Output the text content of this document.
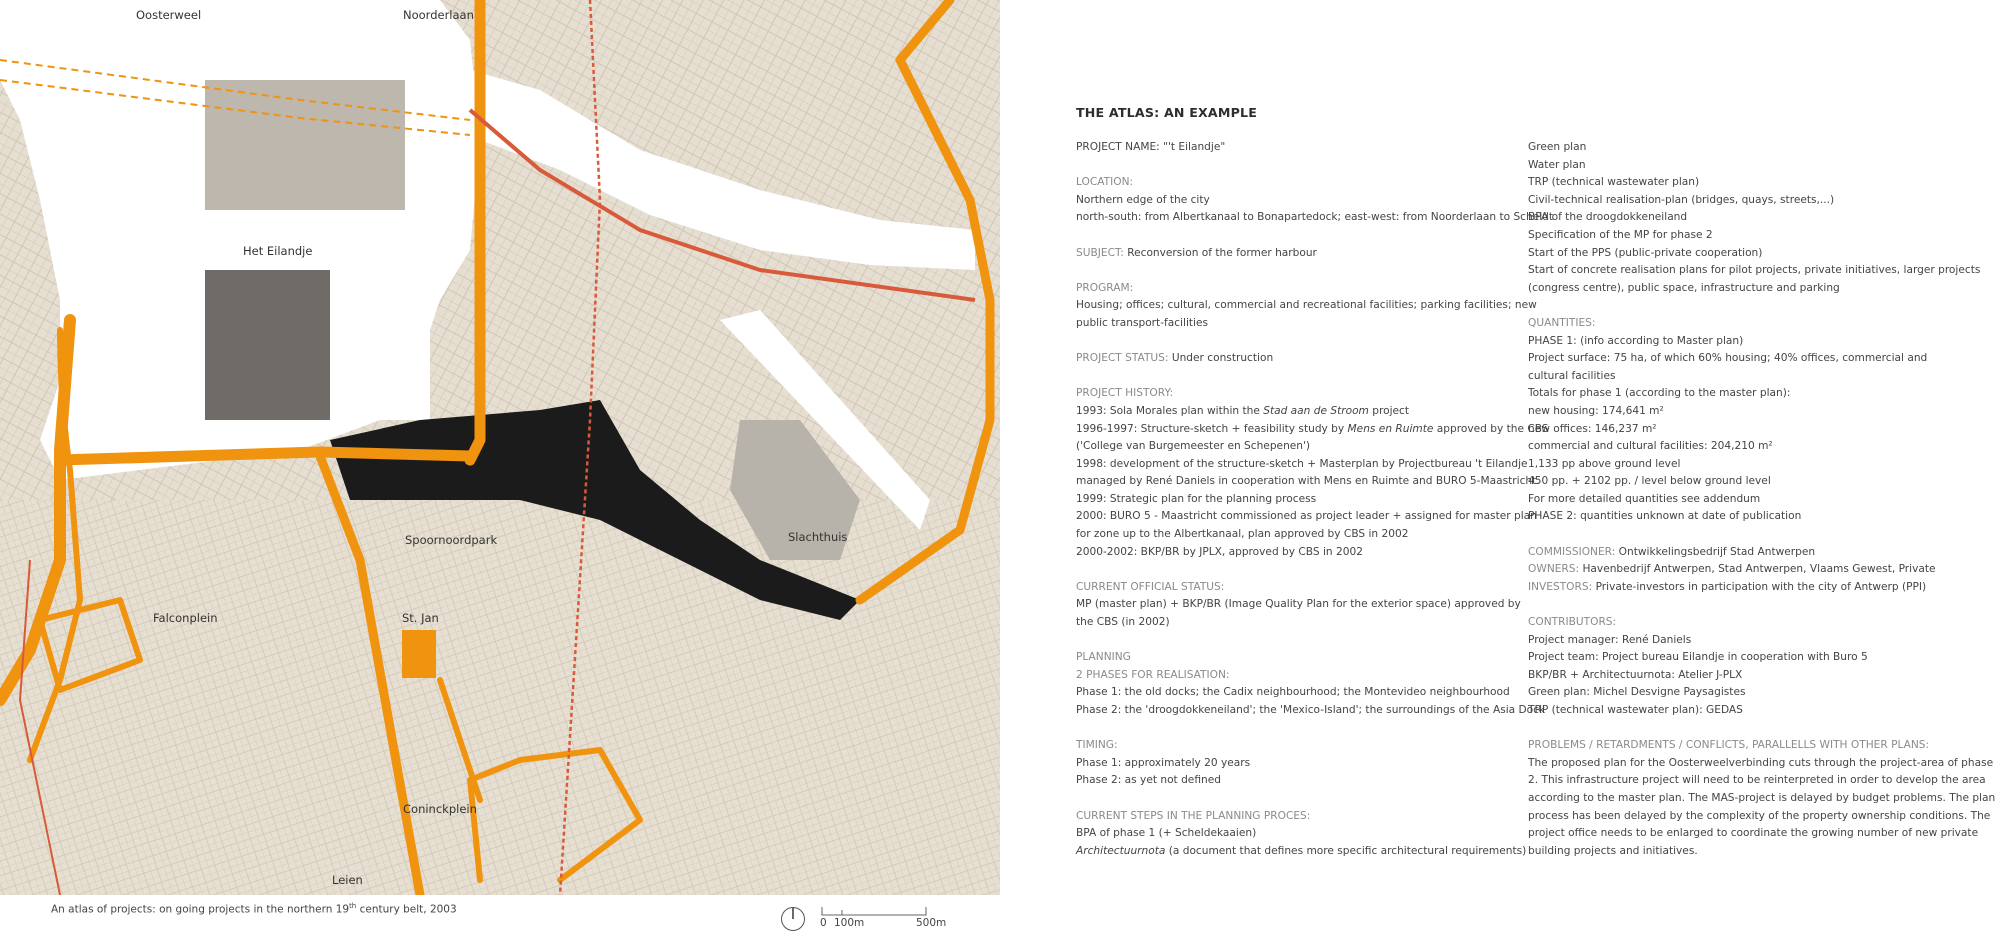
Oosterweel	Noorderlaan
Het Eilandje
Spoornoordpark	Slachthuis
Falconplein	St. Jan
Coninckplein
Leien
An atlas of projects: on going projects in the northern 19th century belt, 2003
0 100m	500m
THE ATLAS: AN EXAMPLE
PROJECT NAME: "'t Eilandje"
LOCATION:
Northern edge of the city
north-south: from Albertkanaal to Bonapartedock; east-west: from Noorderlaan to Scheldt
SUBJECT: Reconversion of the former harbour
PROGRAM:
Housing; offices; cultural, commercial and recreational facilities; parking facilities; new
public transport-facilities
PROJECT STATUS: Under construction
PROJECT HISTORY:
1993: Sola Morales plan within the Stad aan de Stroom project
1996-1997: Structure-sketch + feasibility study by Mens en Ruimte approved by the CBS
('College van Burgemeester en Schepenen')
1998: development of the structure-sketch + Masterplan by Projectbureau 't Eilandje
managed by René Daniels in cooperation with Mens en Ruimte and BURO 5-Maastricht.
1999: Strategic plan for the planning process
2000: BURO 5 - Maastricht commissioned as project leader + assigned for master plan
for zone up to the Albertkanaal, plan approved by CBS in 2002
2000-2002: BKP/BR by JPLX, approved by CBS in 2002
CURRENT OFFICIAL STATUS:
MP (master plan) + BKP/BR (Image Quality Plan for the exterior space) approved by
the CBS (in 2002)
PLANNING
2 PHASES FOR REALISATION:
Phase 1: the old docks; the Cadix neighbourhood; the Montevideo neighbourhood
Phase 2: the 'droogdokkeneiland'; the 'Mexico-Island'; the surroundings of the Asia Dock
TIMING:
Phase 1: approximately 20 years
Phase 2: as yet not defined
CURRENT STEPS IN THE PLANNING PROCES:
BPA of phase 1 (+ Scheldekaaien)
Architectuurnota (a document that defines more specific architectural requirements)
Green plan
Water plan
TRP (technical wastewater plan)
Civil-technical realisation-plan (bridges, quays, streets,...)
BPA of the droogdokkeneiland
Specification of the MP for phase 2
Start of the PPS (public-private cooperation)
Start of concrete realisation plans for pilot projects, private initiatives, larger projects
(congress centre), public space, infrastructure and parking
QUANTITIES:
PHASE 1: (info according to Master plan)
Project surface: 75 ha, of which 60% housing; 40% offices, commercial and
cultural facilities
Totals for phase 1 (according to the master plan):
new housing: 174,641 m²
new offices: 146,237 m²
commercial and cultural facilities: 204,210 m²
1,133 pp above ground level
450 pp. + 2102 pp. / level below ground level
For more detailed quantities see addendum
PHASE 2: quantities unknown at date of publication
COMMISSIONER: Ontwikkelingsbedrijf Stad Antwerpen
OWNERS: Havenbedrijf Antwerpen, Stad Antwerpen, Vlaams Gewest, Private
INVESTORS: Private-investors in participation with the city of Antwerp (PPI)
CONTRIBUTORS:
Project manager: René Daniels
Project team: Project bureau Eilandje in cooperation with Buro 5
BKP/BR + Architectuurnota: Atelier J-PLX
Green plan: Michel Desvigne Paysagistes
TRP (technical wastewater plan): GEDAS
PROBLEMS / RETARDMENTS / CONFLICTS, PARALLELLS WITH OTHER PLANS:
The proposed plan for the Oosterweelverbinding cuts through the project-area of phase
2. This infrastructure project will need to be reinterpreted in order to develop the area
according to the master plan. The MAS-project is delayed by budget problems. The plan
process has been delayed by the complexity of the property ownership conditions. The
project office needs to be enlarged to coordinate the growing number of new private
building projects and initiatives.
